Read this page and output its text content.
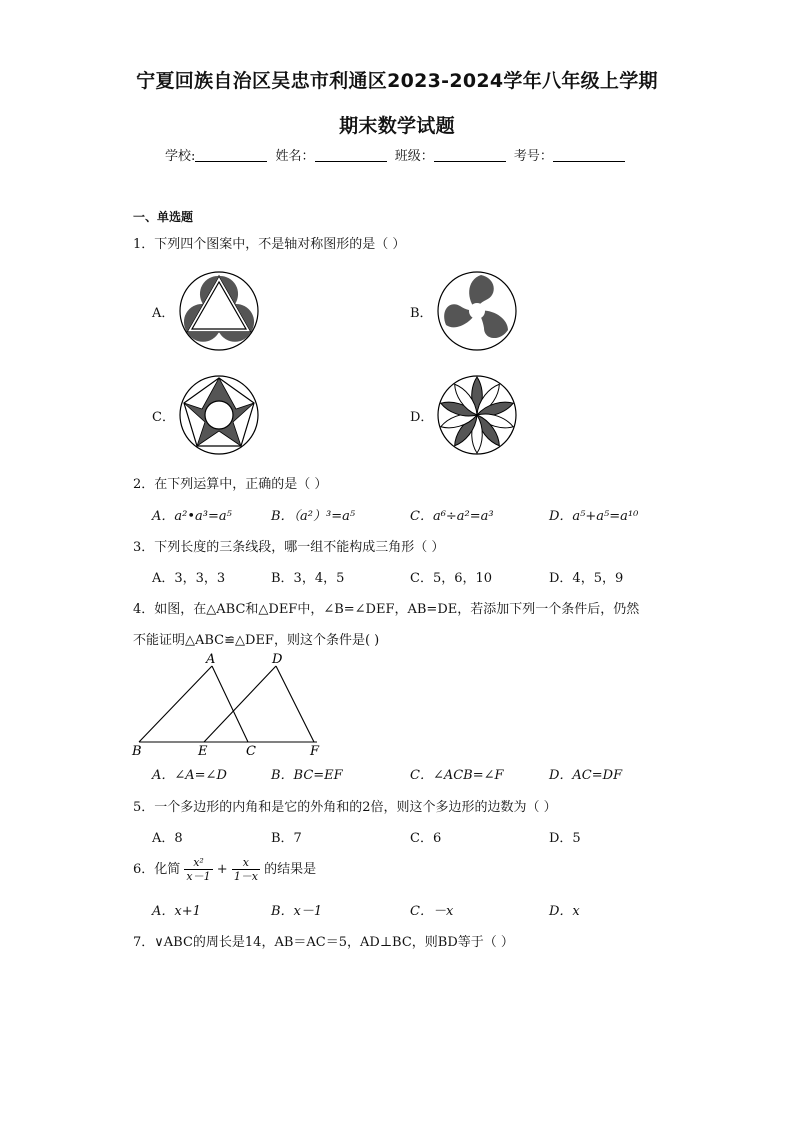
宁夏回族自治区吴忠市利通区2023-2024学年八年级上学期
期末数学试题
学校:	姓名：	班级：	考号：
一、单选题
1．下列四个图案中，不是轴对称图形的是（ ）
A．	B．
C．	D．
2．在下列运算中，正确的是（ ）
A．a²•a³=a⁵	B．（a²）³=a⁵	C．a⁶÷a²=a³	D．a⁵+a⁵=a¹⁰
3．下列长度的三条线段，哪一组不能构成三角形（ ）
A．3，3，3	B．3，4，5	C．5，6，10	D．4，5，9
4．如图，在△ABC和△DEF中，∠B=∠DEF，AB=DE，若添加下列一个条件后，仍然
不能证明△ABC≌△DEF，则这个条件是( )
A	D
B	E	C	F
A．∠A=∠D	B．BC=EF	C．∠ACB=∠F	D．AC=DF
5．一个多边形的内角和是它的外角和的2倍，则这个多边形的边数为（ ）
A．8	B．7	C．6	D．5
6．化简 $\frac{\text{x²}}{x-1} + \frac{x}{1-x}$ 的结果是
A．x+1	B．x－1	C．－x	D．x
7．∨ABC的周长是14，AB＝AC＝5，AD⊥BC，则BD等于（ ）
